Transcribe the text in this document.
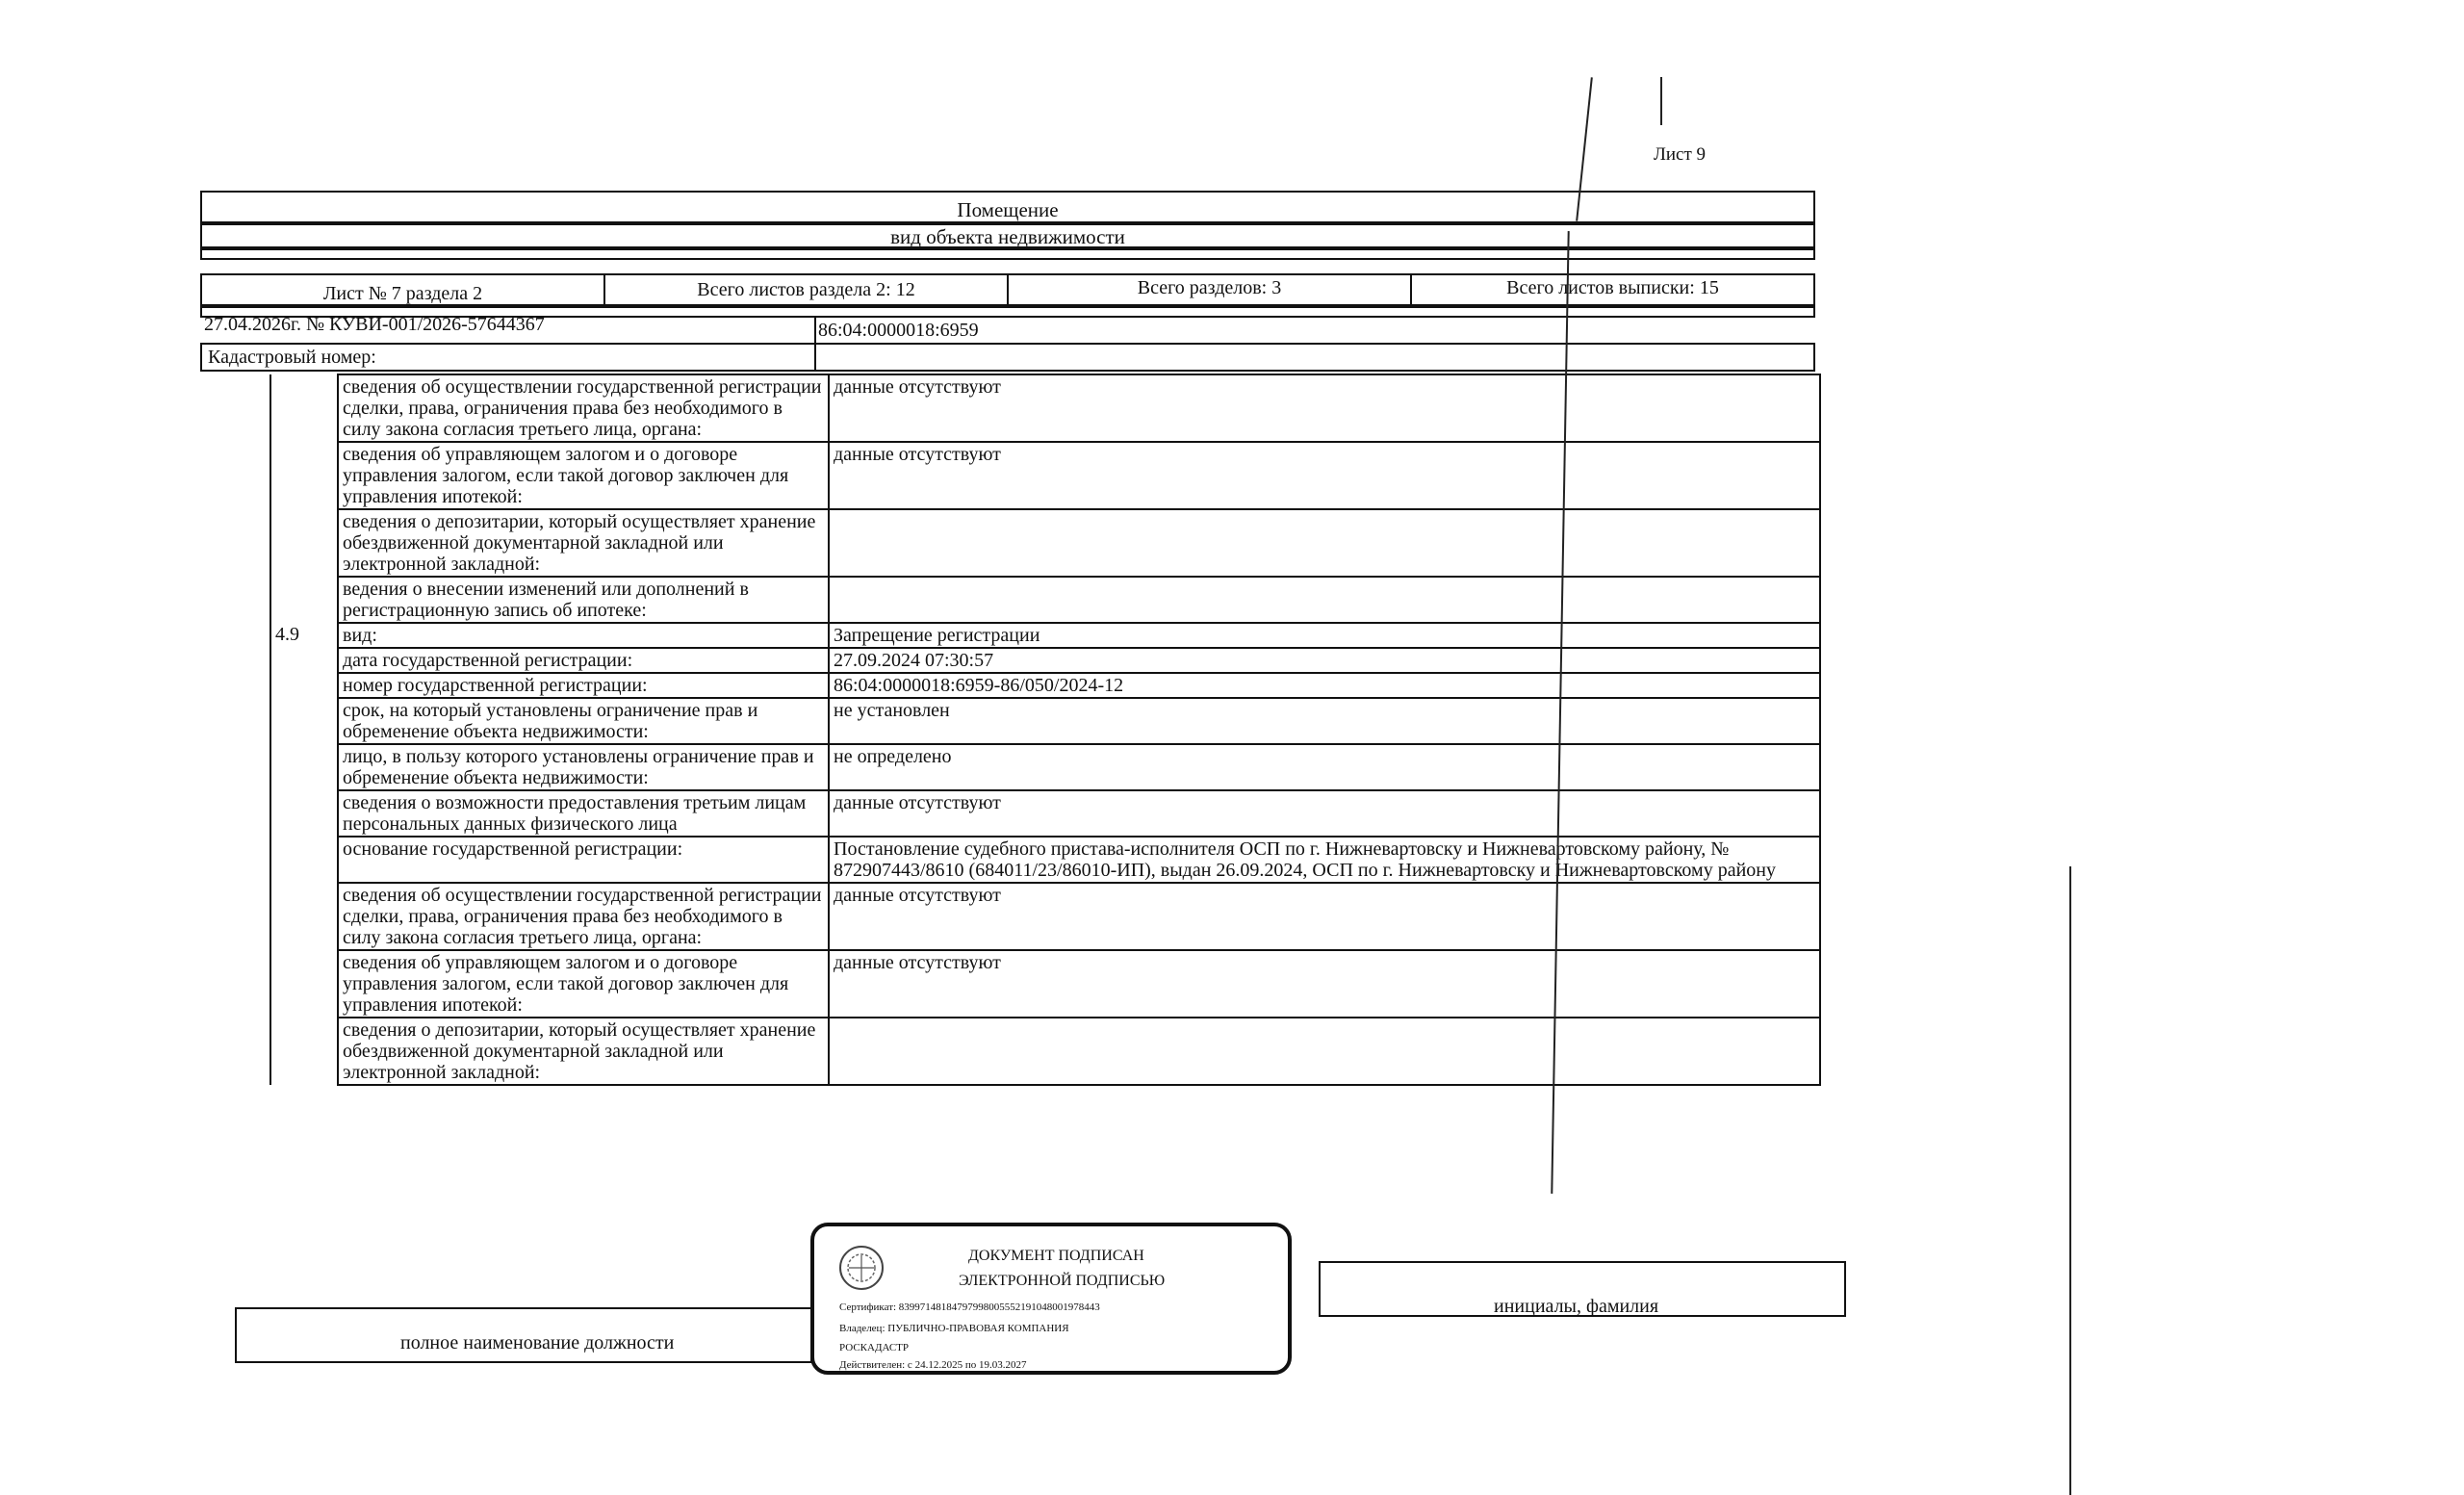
Лист 9
Помещение
вид объекта недвижимости
Лист № 7 раздела 2	Всего листов раздела 2: 12	Всего разделов: 3	Всего листов выписки: 15
27.04.2026г. № КУВИ-001/2026-57644367
Кадастровый номер:
86:04:0000018:6959
		сведения об осуществлении государственной регистрации сделки, права, ограничения права без необходимого в силу закона согласия третьего лица, органа:	данные отсутствуют
		сведения об управляющем залогом и о договоре управления залогом, если такой договор заключен для управления ипотекой:	данные отсутствуют
		сведения о депозитарии, который осуществляет хранение обездвиженной документарной закладной или электронной закладной:	
		ведения о внесении изменений или дополнений в регистрационную запись об ипотеке:	
	4.9	вид:	Запрещение регистрации
		дата государственной регистрации:	27.09.2024 07:30:57
		номер государственной регистрации:	86:04:0000018:6959-86/050/2024-12
		срок, на который установлены ограничение прав и обременение объекта недвижимости:	не установлен
		лицо, в пользу которого установлены ограничение прав и обременение объекта недвижимости:	не определено
		сведения о возможности предоставления третьим лицам персональных данных физического лица	данные отсутствуют
		основание государственной регистрации:	Постановление судебного пристава-исполнителя ОСП по г. Нижневартовску и Нижневартовскому району, № 872907443/8610 (684011/23/86010-ИП), выдан 26.09.2024, ОСП по г. Нижневартовску и Нижневартовскому району
		сведения об осуществлении государственной регистрации сделки, права, ограничения права без необходимого в силу закона согласия третьего лица, органа:	данные отсутствуют
		сведения об управляющем залогом и о договоре управления залогом, если такой договор заключен для управления ипотекой:	данные отсутствуют
		сведения о депозитарии, который осуществляет хранение обездвиженной документарной закладной или электронной закладной:	
ДОКУМЕНТ ПОДПИСАН
ЭЛЕКТРОННОЙ ПОДПИСЬЮ
Сертификат: 83997148184797998005552191048001978443
Владелец: ПУБЛИЧНО-ПРАВОВАЯ КОМПАНИЯ
РОСКАДАСТР
Действителен: с 24.12.2025 по 19.03.2027
полное наименование должности
инициалы, фамилия
